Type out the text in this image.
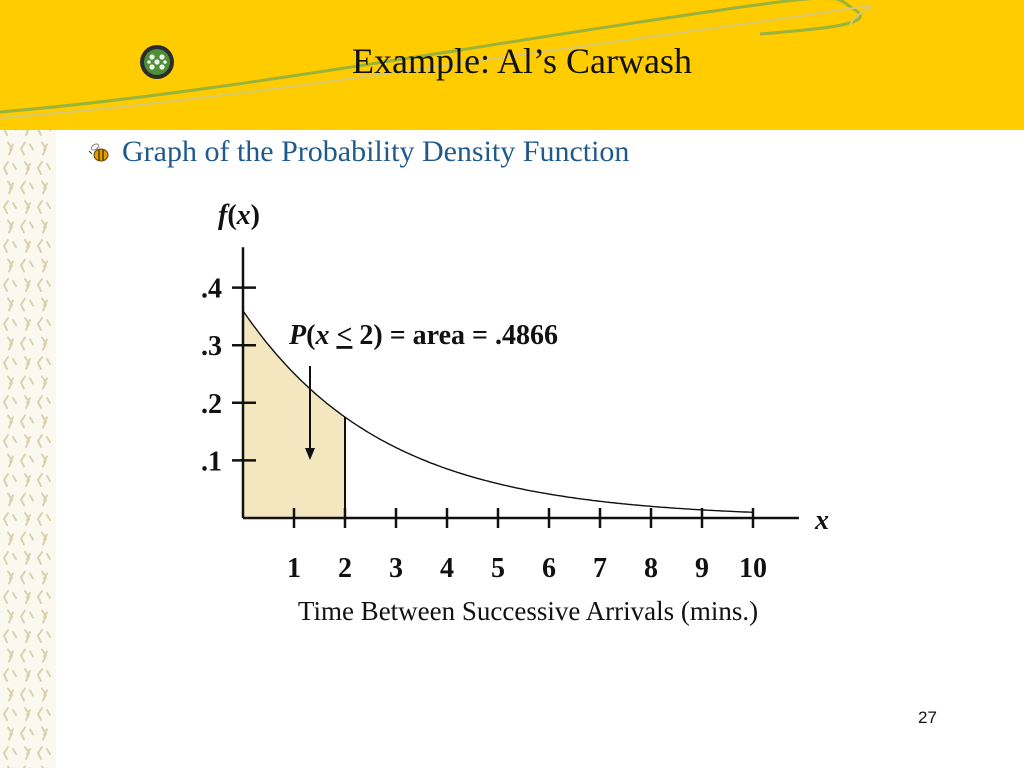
Example: Al’s Carwash
Graph of the Probability Density Function
1 2 3 4 5 6 7 8 9 10
.1
.2
.3
.4
f(x)
x
Time Between Successive Arrivals (mins.)
P(x < 2) = area = .4866
27
